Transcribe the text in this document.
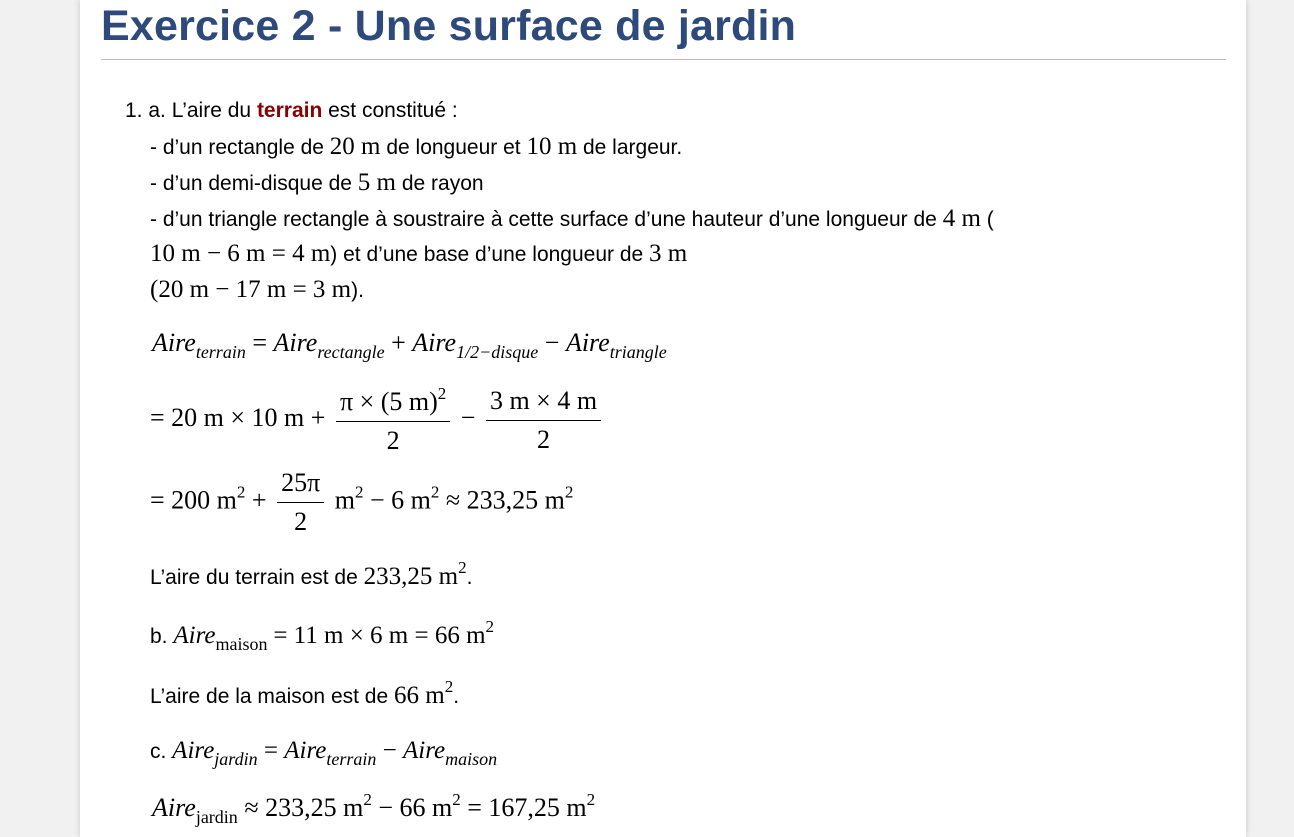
Exercice 2 - Une surface de jardin
1. a. L’aire du terrain est constitué :
- d’un rectangle de 20 m de longueur et 10 m de largeur.
- d’un demi-disque de 5 m de rayon
- d’un triangle rectangle à soustraire à cette surface d’une hauteur d’une longueur de 4 m (
10 m − 6 m = 4 m) et d’une base d’une longueur de 3 m
(20 m − 17 m = 3 m).
Aire$_{terrain}$ = Aire$_{rectangle}$ + Aire$_{1/2-disque}$ − Aire$_{triangle}$
= 20 m × 10 $m + \frac{\pi \times (5 m)^2}{2} - \frac{3 m \times 4 m}{2}$
= 200 $m^2 + \frac{25\pi}{2} m^2 - 6$ $m^2 \approx 233,25$ $m^2$
L’aire du terrain est de 233,25 $m^2$.
b. Airemaison = 11 m × 6 m = 66 $m^2$
L’aire de la maison est de 66 $m^2$.
c. Airejardin = Aireterrain − Airemaison
Aire$_{jardin}$ ≈ 233,25 $m^2 - 66$ $m^2 = 167,25$ $m^2$
